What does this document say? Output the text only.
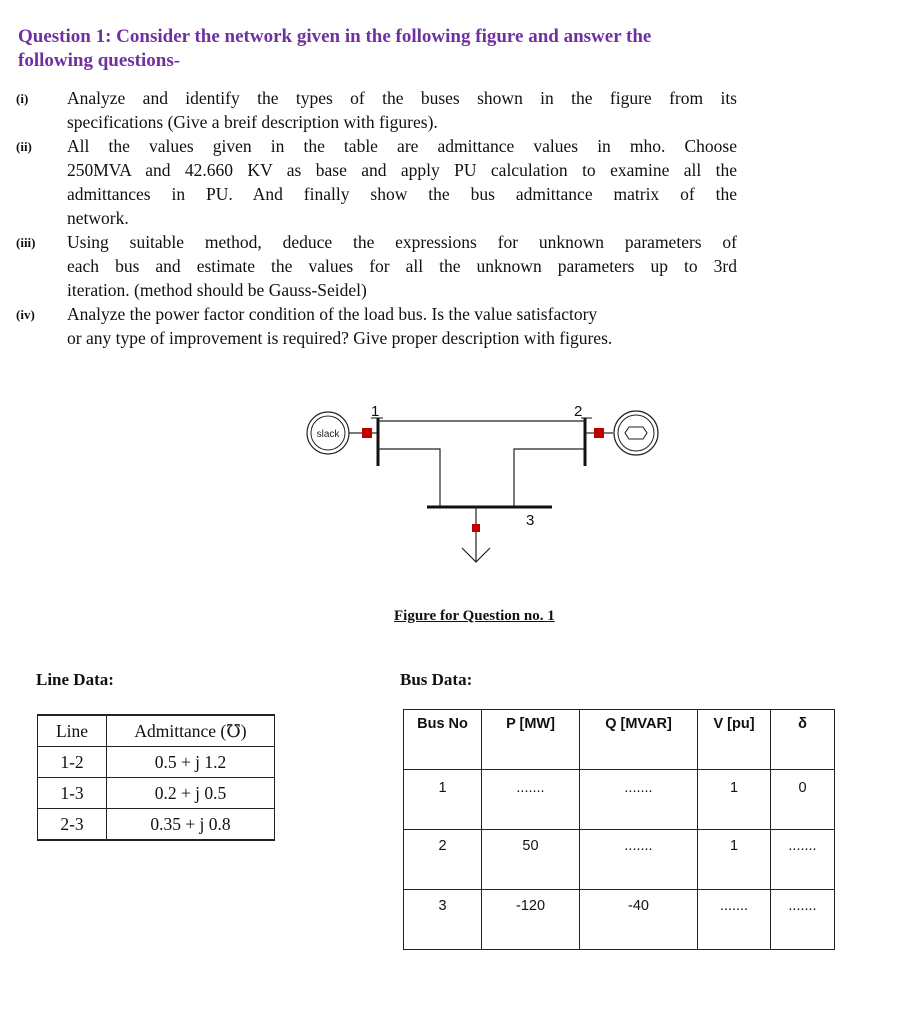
Question 1: Consider the network given in the following figure and answer the
following questions-
(i) Analyze and identify the types of the buses shown in the figure from its
specifications (Give a breif description with figures).
(ii) All the values given in the table are admittance values in mho. Choose
250MVA and 42.660 KV as base and apply PU calculation to examine all the
admittances in PU. And finally show the bus admittance matrix of the
network.
(iii) Using suitable method, deduce the expressions for unknown parameters of
each bus and estimate the values for all the unknown parameters up to 3rd
iteration. (method should be Gauss-Seidel)
(iv) Analyze the power factor condition of the load bus. Is the value satisfactory
or any type of improvement is required? Give proper description with figures.
slack
1	2
3
Figure for Question no. 1
Line Data:
Line	Admittance (℧)
1-2	0.5 + j 1.2
1-3	0.2 + j 0.5
2-3	0.35 + j 0.8
Bus Data:
Bus No	P [MW]	Q [MVAR]	V [pu]	δ
1	.......	.......	1	0
2	50	.......	1	.......
3	-120	-40	.......	.......
